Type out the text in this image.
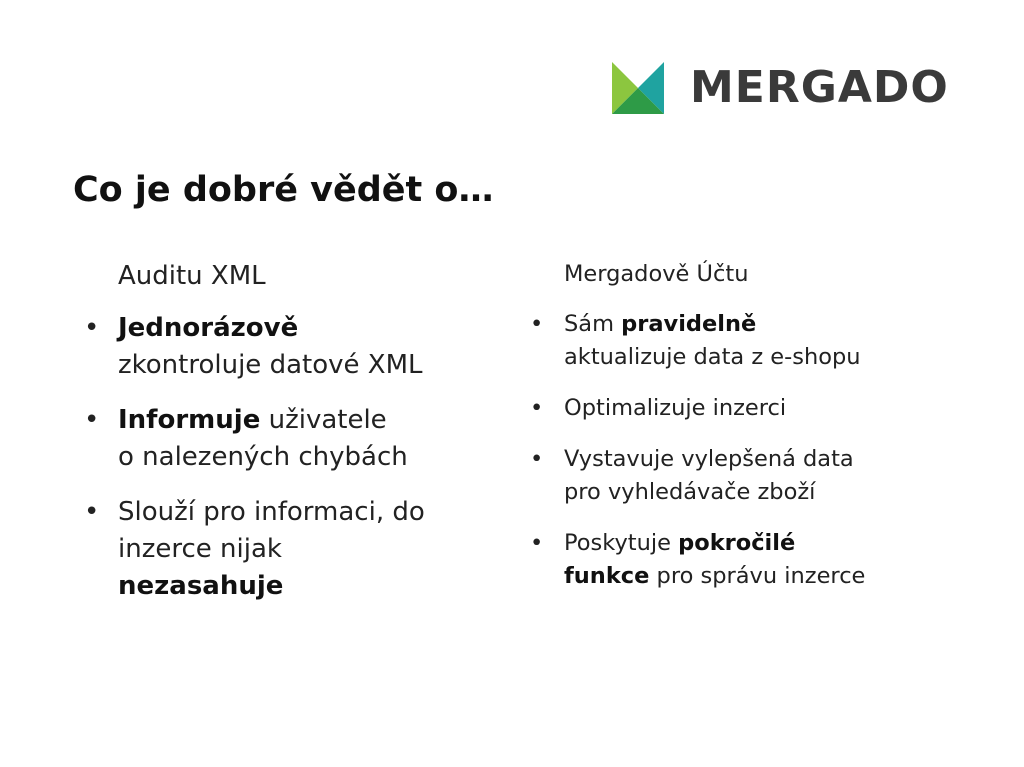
MERGADO
Co je dobré vědět o…

Auditu XML

• Jednorázově
zkontroluje datové XML
• Informuje uživatele
o nalezených chybách
• Slouží pro informaci, do
inzerce nijak
nezasahuje

Mergadově Účtu

• Sám pravidelně
aktualizuje data z e-shopu
• Optimalizuje inzerci
• Vystavuje vylepšená data
pro vyhledávače zboží
• Poskytuje pokročilé
funkce pro správu inzerce
